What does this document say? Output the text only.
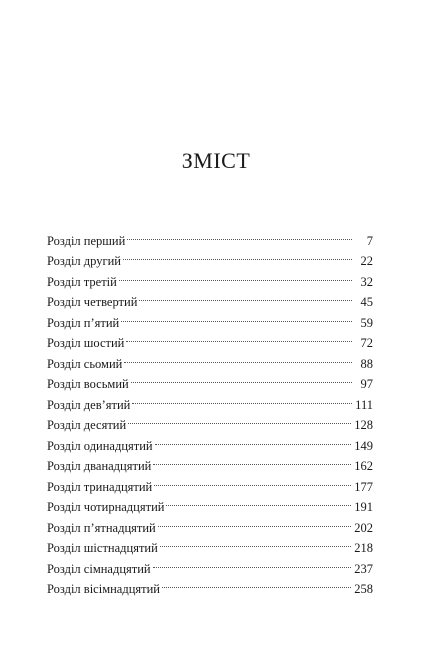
ЗМІСТ
Розділ перший	7
Розділ другий	22
Розділ третій	32
Розділ четвертий	45
Розділ п’ятий	59
Розділ шостий	72
Розділ сьомий	88
Розділ восьмий	97
Розділ дев’ятий	111
Розділ десятий	128
Розділ одинадцятий	149
Розділ дванадцятий	162
Розділ тринадцятий	177
Розділ чотирнадцятий	191
Розділ п’ятнадцятий	202
Розділ шістнадцятий	218
Розділ сімнадцятий	237
Розділ вісімнадцятий	258
